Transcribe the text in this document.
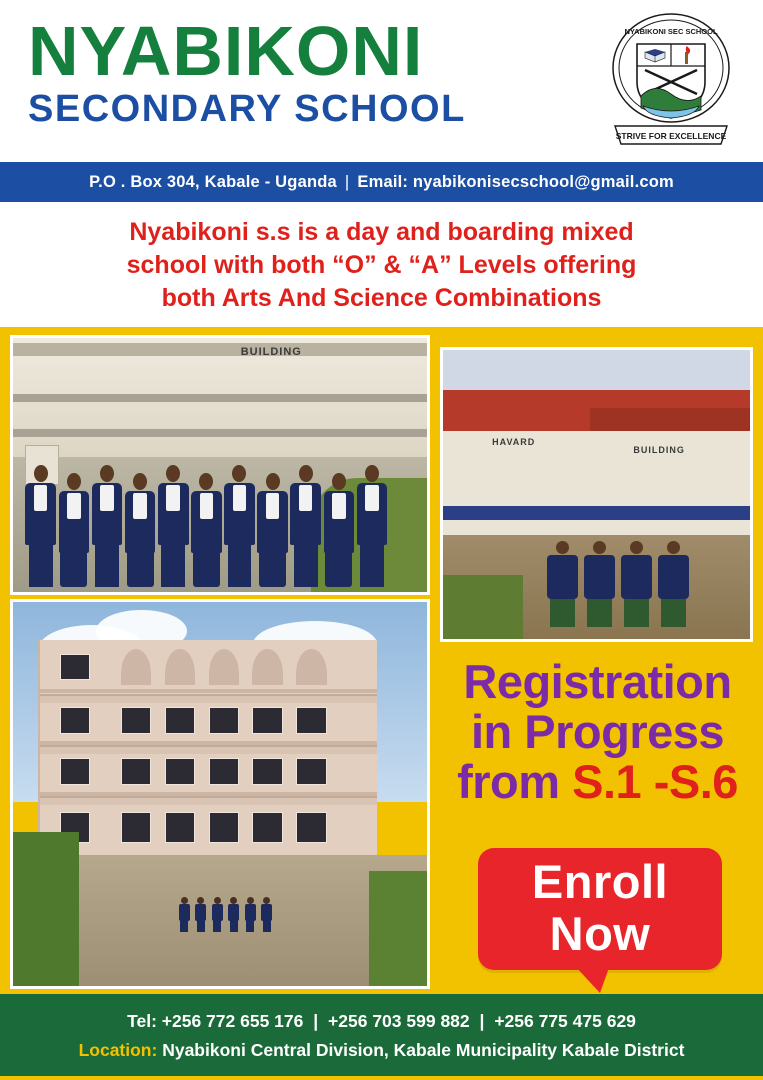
NYABIKONI
SECONDARY SCHOOL
NYABIKONI SEC SCHOOL
STRIVE FOR EXCELLENCE
P.O . Box 304, Kabale - Uganda | Email: nyabikonisecschool@gmail.com
Nyabikoni s.s is a day and boarding mixed
school with both “O” & “A” Levels offering
both Arts And Science Combinations
BUILDING
HAVARD
BUILDING
Registration
in Progress
from S.1 -S.6
Enroll
Now
Tel: +256 772 655 176 | +256 703 599 882 | +256 775 475 629
Location: Nyabikoni Central Division, Kabale Municipality Kabale District
